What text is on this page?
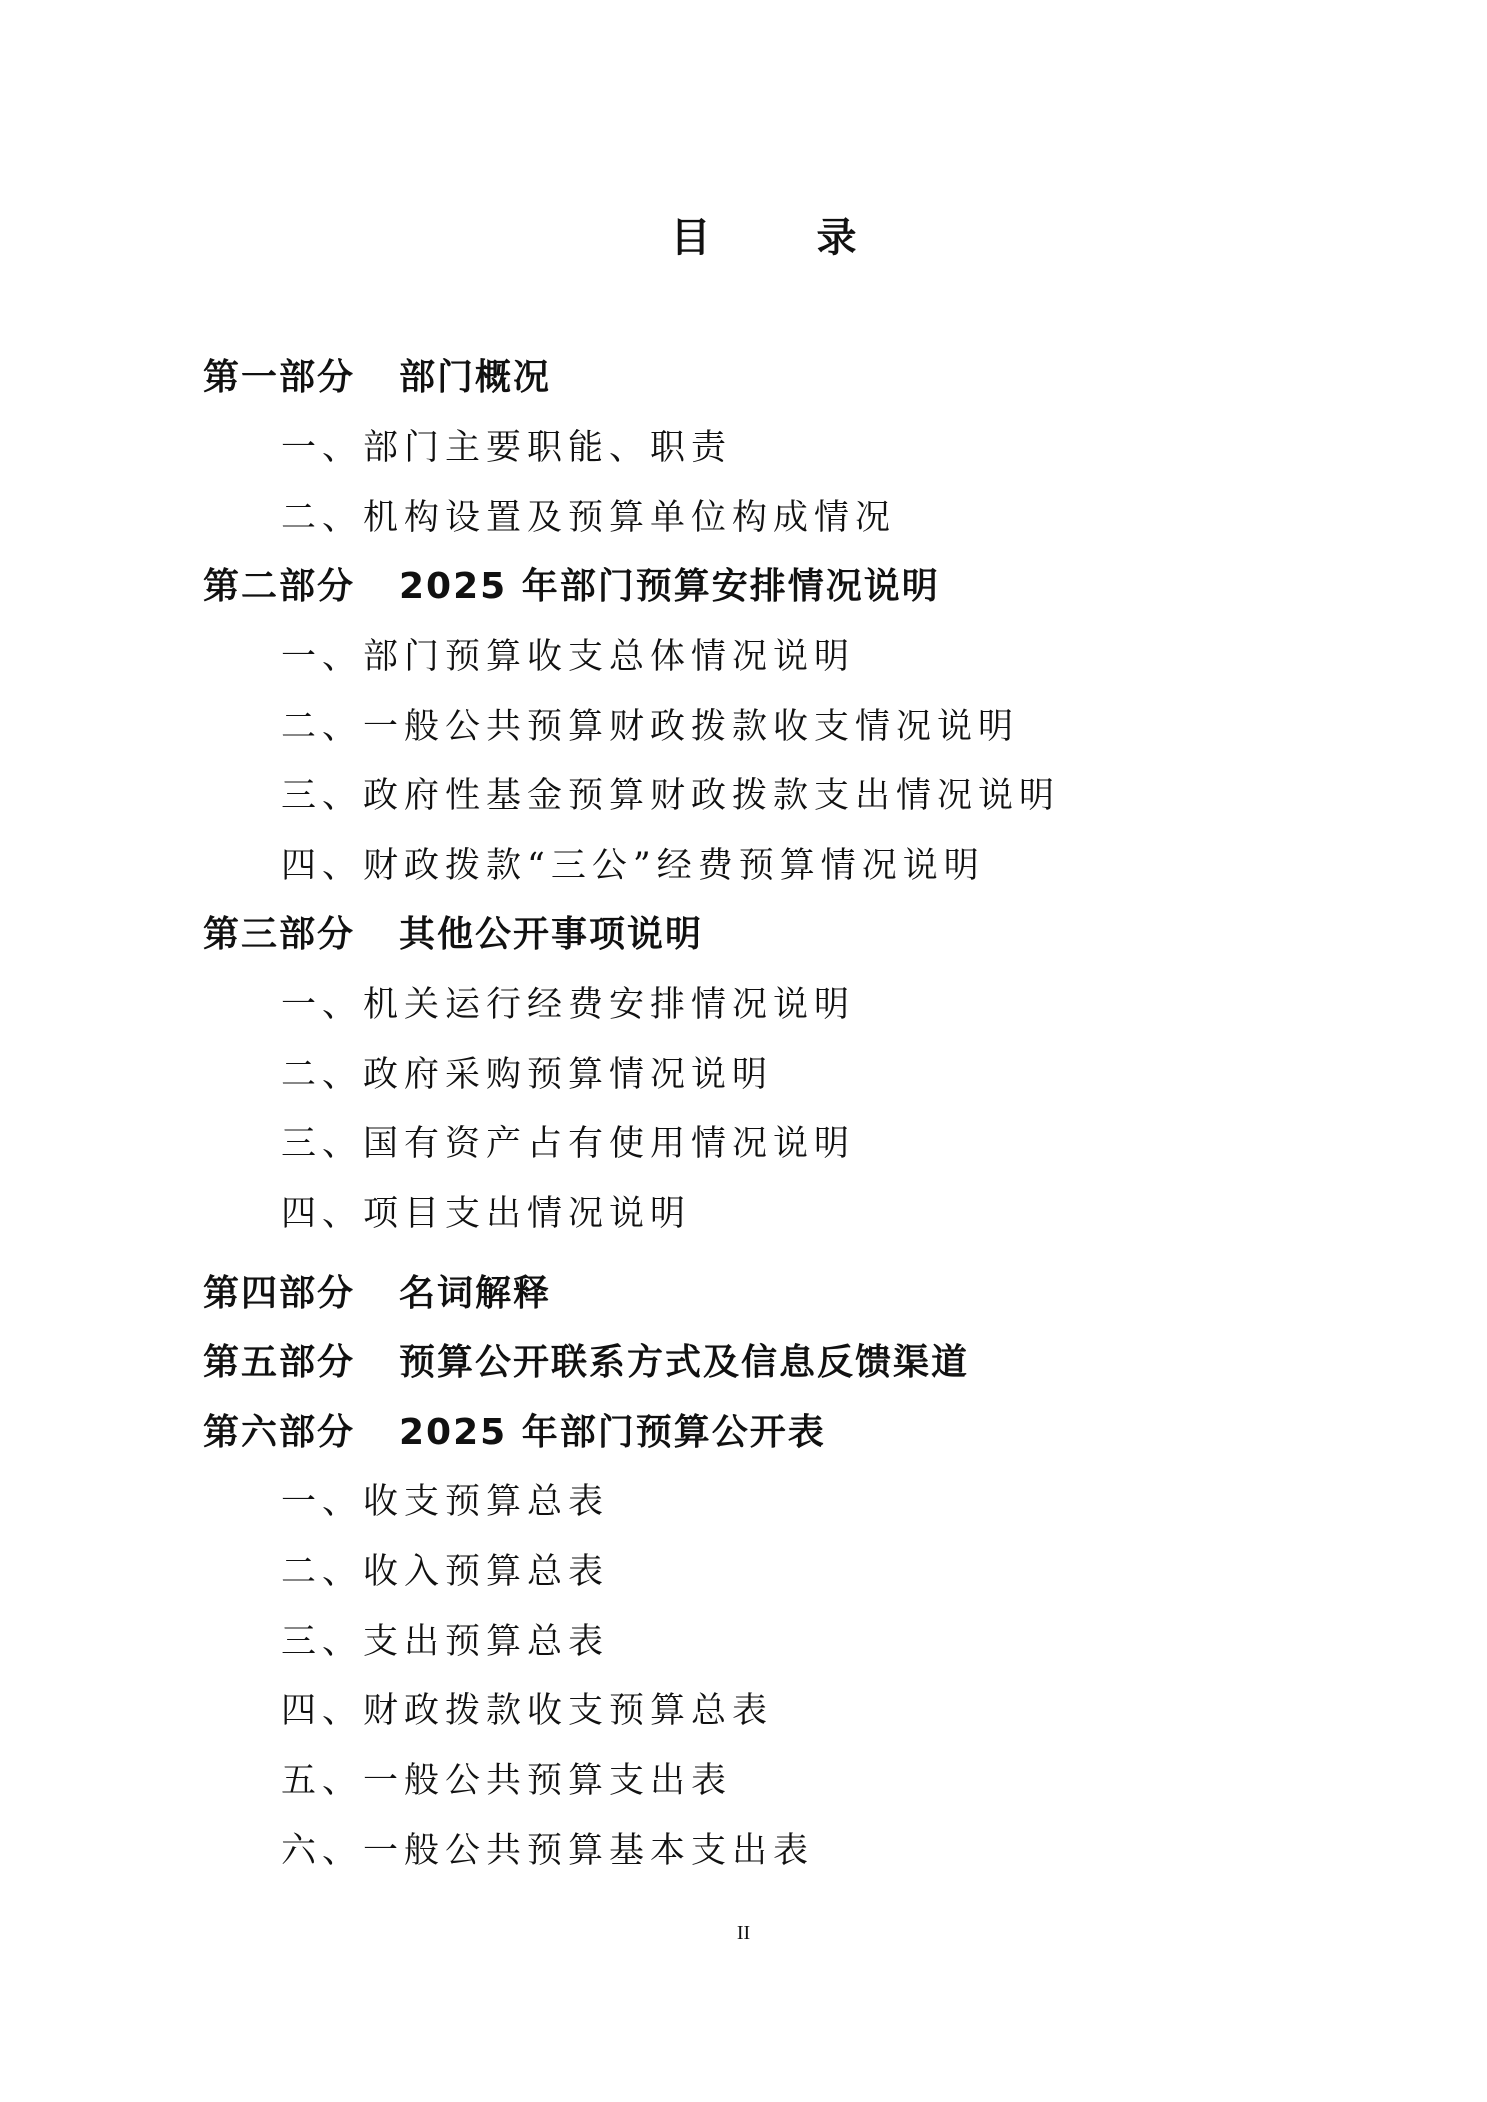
目 录
第一部分 部门概况
一、部门主要职能、职责
二、机构设置及预算单位构成情况
第二部分 2025 年部门预算安排情况说明
一、部门预算收支总体情况说明
二、一般公共预算财政拨款收支情况说明
三、政府性基金预算财政拨款支出情况说明
四、财政拨款“三公”经费预算情况说明
第三部分 其他公开事项说明
一、机关运行经费安排情况说明
二、政府采购预算情况说明
三、国有资产占有使用情况说明
四、项目支出情况说明
第四部分 名词解释
第五部分 预算公开联系方式及信息反馈渠道
第六部分 2025 年部门预算公开表
一、收支预算总表
二、收入预算总表
三、支出预算总表
四、财政拨款收支预算总表
五、一般公共预算支出表
六、一般公共预算基本支出表
II
